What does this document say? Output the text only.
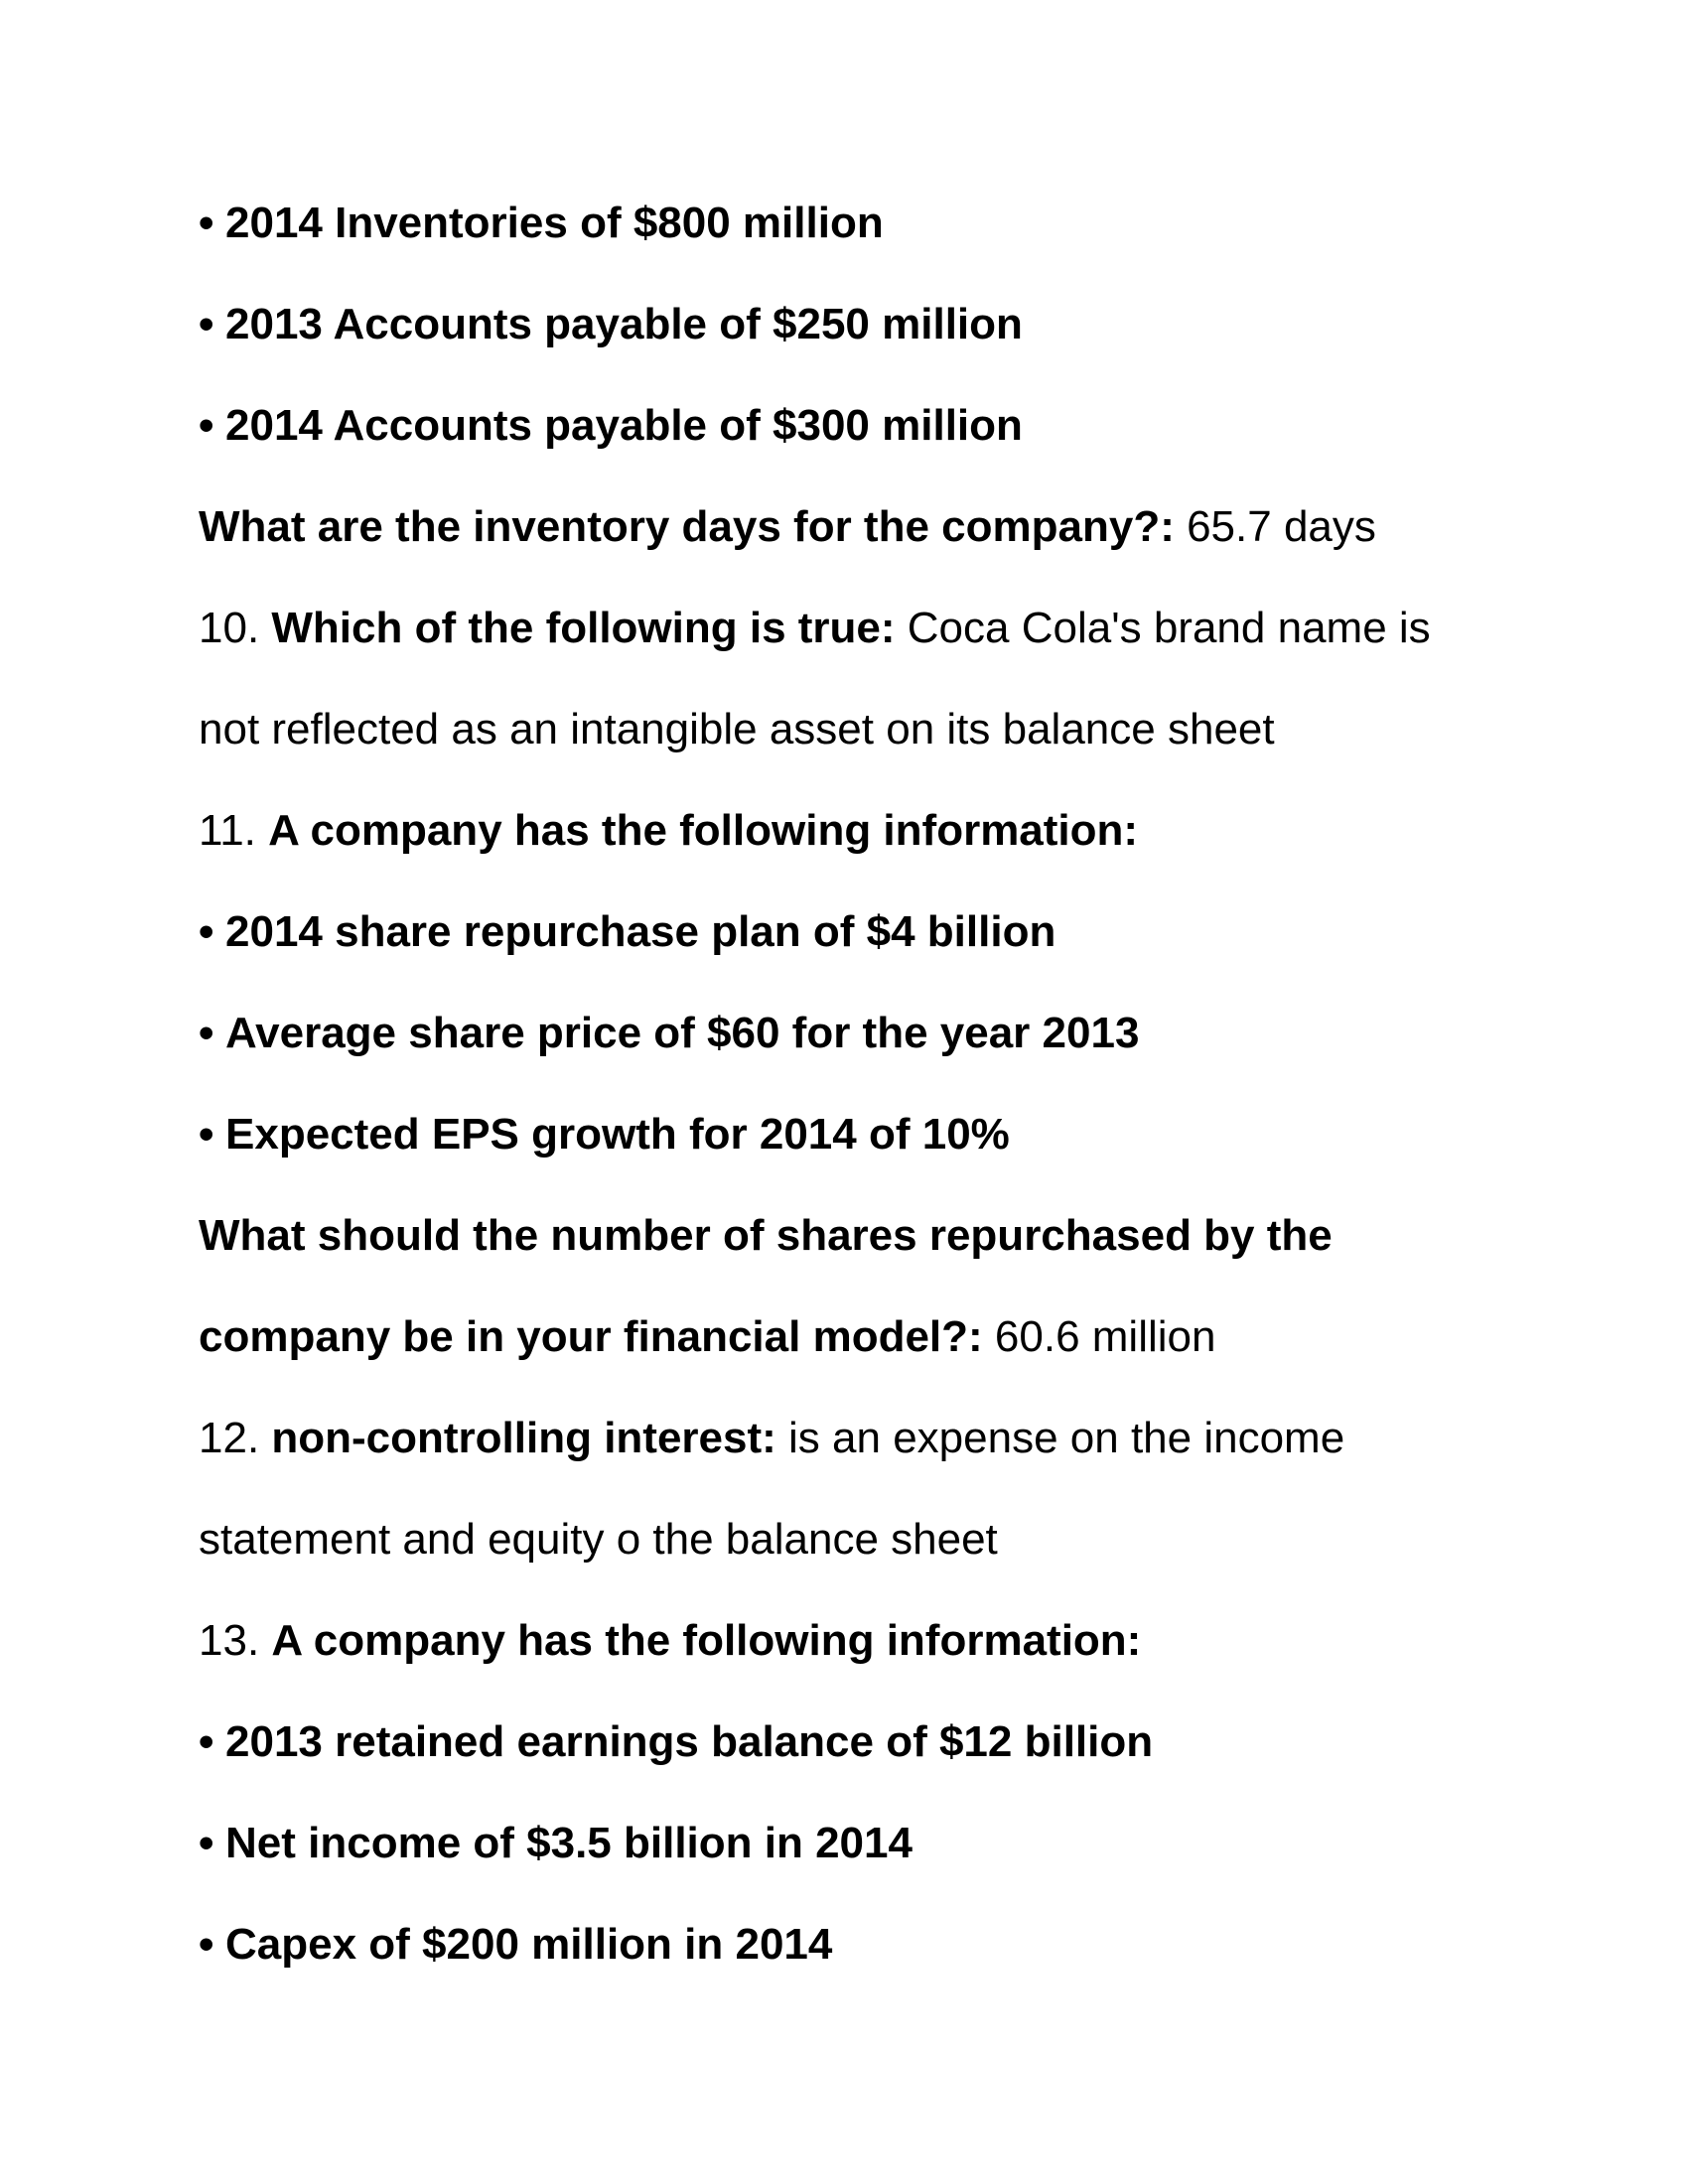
•2014 Inventories of $800 million
•2013 Accounts payable of $250 million
•2014 Accounts payable of $300 million
What are the inventory days for the company?: 65.7 days
10. Which of the following is true: Coca Cola's brand name is
not reflected as an intangible asset on its balance sheet
11. A company has the following information:
•2014 share repurchase plan of $4 billion
•Average share price of $60 for the year 2013
•Expected EPS growth for 2014 of 10%
What should the number of shares repurchased by the
company be in your financial model?: 60.6 million
12. non-controlling interest: is an expense on the income
statement and equity o the balance sheet
13. A company has the following information:
•2013 retained earnings balance of $12 billion
•Net income of $3.5 billion in 2014
•Capex of $200 million in 2014
